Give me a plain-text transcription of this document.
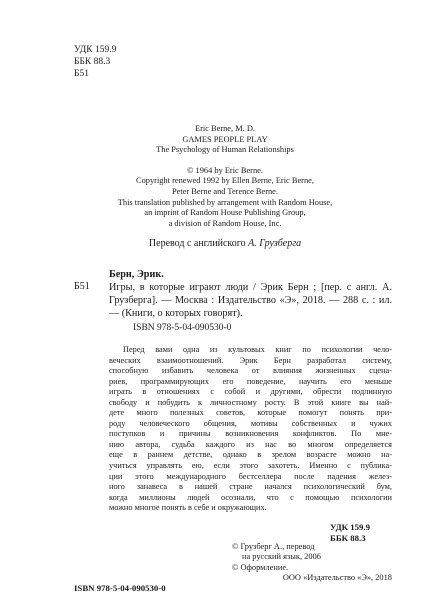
УДК 159.9
ББК 88.3
Б51
Eric Berne, M. D.
GAMES PEOPLE PLAY
The Psychology of Human Relationships
© 1964 by Eric Berne.
Copyright renewed 1992 by Ellen Berne, Eric Berne,
Peter Berne and Terence Berne.
This translation published by arrangement with Random House,
an imprint of Random House Publishing Group,
a division of Random House, Inc.
Перевод с английского А. Грузберга
Б51
Берн, Эрик.
Игры, в которые играют люди / Эрик Берн ; [пер. с англ. А. Грузберга]. — Москва : Издательство «Э», 2018. — 288 с. : ил. — (Книги, о которых говорят).
ISBN 978-5-04-090530-0
Перед вами одна из культовых книг по психологии чело-
веческих взаимоотношений. Эрик Берн разработал систему,
способную избавить человека от влияния жизненных сцена-
риев, программирующих его поведение, научить его меньше
играть в отношениях с собой и другими, обрести подлинную
свободу и побудить к личностному росту. В этой книге вы най-
дете много полезных советов, которые помогут понять при-
роду человеческого общения, мотивы собственных и чужих
поступков и причины возникновения конфликтов. По мне-
нию автора, судьба каждого из нас во многом определяется
еще в раннем детстве, однако в зрелом возрасте можно на-
учиться управлять ею, если этого захотеть. Именно с публика-
ции этого международного бестселлера после падения желез-
ного занавеса в нашей стране начался психологический бум,
когда миллионы людей осознали, что с помощью психологии
можно многое понять в себе и окружающих.
УДК 159.9
ББК 88.3
© Грузберг А., перевод
на русский язык, 2006
© Оформление.
ООО «Издательство «Э», 2018
ISBN 978-5-04-090530-0
